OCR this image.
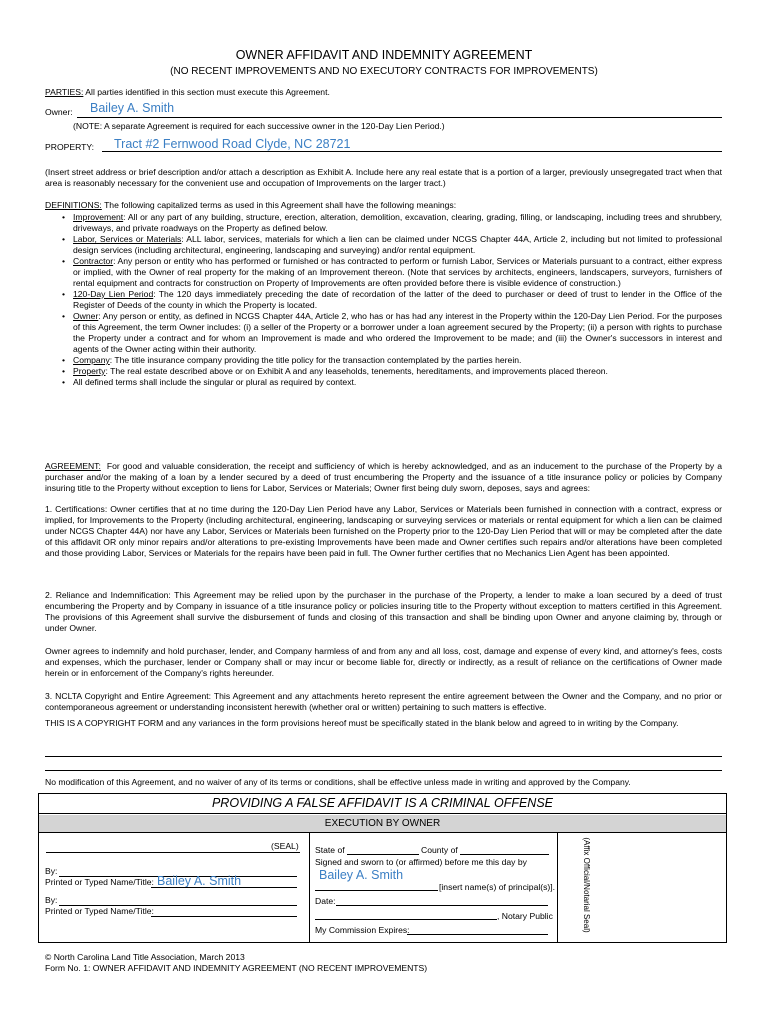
OWNER AFFIDAVIT AND INDEMNITY AGREEMENT
(NO RECENT IMPROVEMENTS AND NO EXECUTORY CONTRACTS FOR IMPROVEMENTS)
PARTIES: All parties identified in this section must execute this Agreement.
Owner: Bailey A. Smith
(NOTE: A separate Agreement is required for each successive owner in the 120-Day Lien Period.)
PROPERTY: Tract #2 Fernwood Road Clyde, NC 28721
(Insert street address or brief description and/or attach a description as Exhibit A. Include here any real estate that is a portion of a larger, previously unsegregated tract when that area is reasonably necessary for the convenient use and occupation of Improvements on the larger tract.)
DEFINITIONS: The following capitalized terms as used in this Agreement shall have the following meanings:
• Improvement: All or any part of any building, structure, erection, alteration, demolition, excavation, clearing, grading, filling, or landscaping, including trees and shrubbery, driveways, and private roadways on the Property as defined below.
• Labor, Services or Materials: ALL labor, services, materials for which a lien can be claimed under NCGS Chapter 44A, Article 2, including but not limited to professional design services (including architectural, engineering, landscaping and surveying) and/or rental equipment.
• Contractor: Any person or entity who has performed or furnished or has contracted to perform or furnish Labor, Services or Materials pursuant to a contract, either express or implied, with the Owner of real property for the making of an Improvement thereon. (Note that services by architects, engineers, landscapers, surveyors, furnishers of rental equipment and contracts for construction on Property of Improvements are often provided before there is visible evidence of construction.)
• 120-Day Lien Period: The 120 days immediately preceding the date of recordation of the latter of the deed to purchaser or deed of trust to lender in the Office of the Register of Deeds of the county in which the Property is located.
• Owner: Any person or entity, as defined in NCGS Chapter 44A, Article 2, who has or has had any interest in the Property within the 120-Day Lien Period. For the purposes of this Agreement, the term Owner includes: (i) a seller of the Property or a borrower under a loan agreement secured by the Property; (ii) a person with rights to purchase the Property under a contract and for whom an Improvement is made and who ordered the Improvement to be made; and (iii) the Owner's successors in interest and agents of the Owner acting within their authority.
• Company: The title insurance company providing the title policy for the transaction contemplated by the parties herein.
• Property: The real estate described above or on Exhibit A and any leaseholds, tenements, hereditaments, and improvements placed thereon.
• All defined terms shall include the singular or plural as required by context.
AGREEMENT: For good and valuable consideration, the receipt and sufficiency of which is hereby acknowledged, and as an inducement to the purchase of the Property by a purchaser and/or the making of a loan by a lender secured by a deed of trust encumbering the Property and the issuance of a title insurance policy or policies by Company insuring title to the Property without exception to liens for Labor, Services or Materials; Owner first being duly sworn, deposes, says and agrees:
1. Certifications: Owner certifies that at no time during the 120-Day Lien Period have any Labor, Services or Materials been furnished in connection with a contract, express or implied, for Improvements to the Property (including architectural, engineering, landscaping or surveying services or materials or rental equipment for which a lien can be claimed under NCGS Chapter 44A) nor have any Labor, Services or Materials been furnished on the Property prior to the 120-Day Lien Period that will or may be completed after the date of this affidavit OR only minor repairs and/or alterations to pre-existing Improvements have been made and Owner certifies such repairs and/or alterations have been completed and those providing Labor, Services or Materials for the repairs have been paid in full. The Owner further certifies that no Mechanics Lien Agent has been appointed.
2. Reliance and Indemnification: This Agreement may be relied upon by the purchaser in the purchase of the Property, a lender to make a loan secured by a deed of trust encumbering the Property and by Company in issuance of a title insurance policy or policies insuring title to the Property without exception to matters certified in this Agreement. The provisions of this Agreement shall survive the disbursement of funds and closing of this transaction and shall be binding upon Owner and anyone claiming by, through or under Owner.
Owner agrees to indemnify and hold purchaser, lender, and Company harmless of and from any and all loss, cost, damage and expense of every kind, and attorney's fees, costs and expenses, which the purchaser, lender or Company shall or may incur or become liable for, directly or indirectly, as a result of reliance on the certifications of Owner made herein or in enforcement of the Company's rights hereunder.
3. NCLTA Copyright and Entire Agreement: This Agreement and any attachments hereto represent the entire agreement between the Owner and the Company, and no prior or contemporaneous agreement or understanding inconsistent herewith (whether oral or written) pertaining to such matters is effective.
THIS IS A COPYRIGHT FORM and any variances in the form provisions hereof must be specifically stated in the blank below and agreed to in writing by the Company.
No modification of this Agreement, and no waiver of any of its terms or conditions, shall be effective unless made in writing and approved by the Company.
PROVIDING A FALSE AFFIDAVIT IS A CRIMINAL OFFENSE
EXECUTION BY OWNER
(SEAL)
By:
Printed or Typed Name/Title: Bailey A. Smith
By:
Printed or Typed Name/Title:
State of	County of
Signed and sworn to (or affirmed) before me this day by
Bailey A. Smith
[insert name(s) of principal(s)].
Date:
, Notary Public
My Commission Expires:	(Affix Official/Notarial Seal)
© North Carolina Land Title Association, March 2013
Form No. 1: OWNER AFFIDAVIT AND INDEMNITY AGREEMENT (NO RECENT IMPROVEMENTS)
